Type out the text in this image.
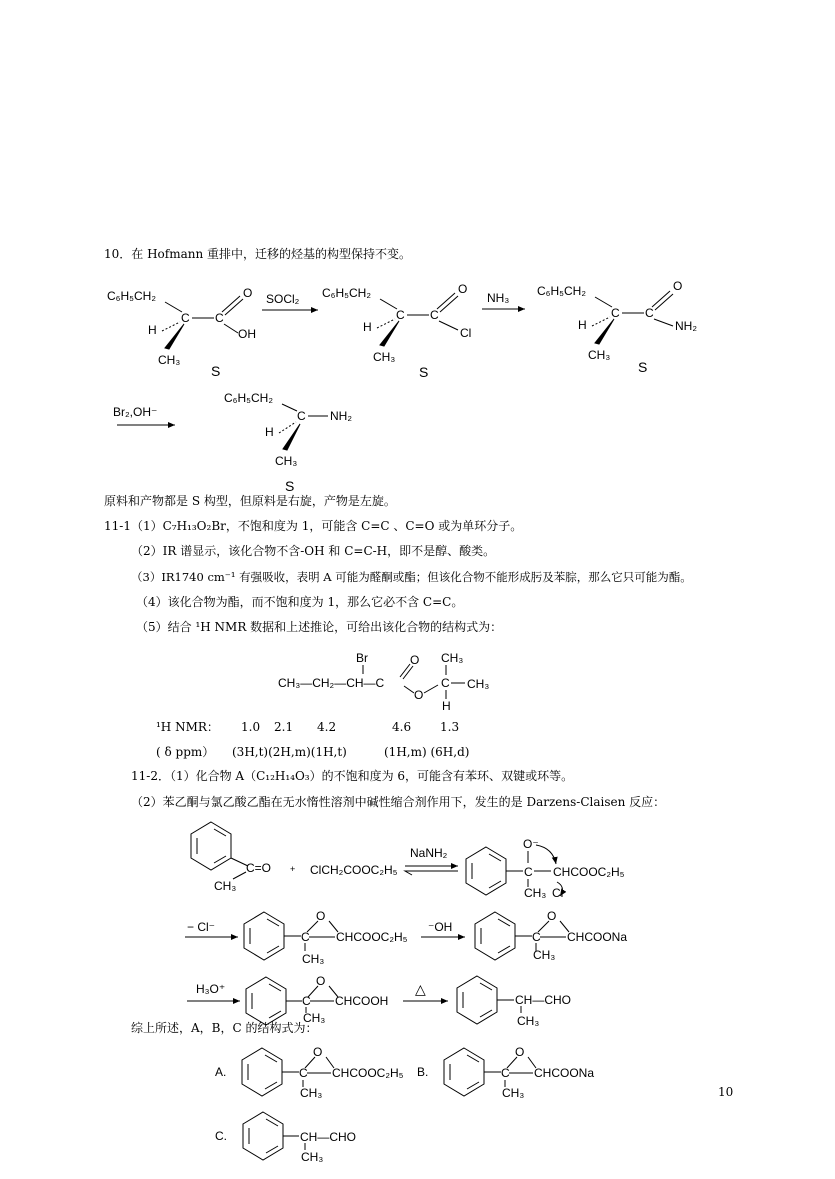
10．在 Hofmann 重排中，迁移的烃基的构型保持不变。
原料和产物都是 S 构型，但原料是右旋，产物是左旋。
11-1（1）C₇H₁₃O₂Br，不饱和度为 1，可能含 C=C 、C=O 或为单环分子。
（2）IR 谱显示，该化合物不含-OH 和 C=C-H，即不是醇、酸类。
（3）IR1740 cm⁻¹ 有强吸收，表明 A 可能为醛酮或酯；但该化合物不能形成肟及苯腙，那么它只可能为酯。
（4）该化合物为酯，而不饱和度为 1，那么它必不含 C=C。
（5）结合 ¹H NMR 数据和上述推论，可给出该化合物的结构式为：
¹H NMR： 1.0 2.1 4.2	4.6 1.3
( δ ppm） (3H,t)(2H,m)(1H,t)	(1H,m) (6H,d)
11-2．（1）化合物 A（C₁₂H₁₄O₃）的不饱和度为 6，可能含有苯环、双键或环等。
（2）苯乙酮与氯乙酸乙酯在无水惰性溶剂中碱性缩合剂作用下，发生的是 Darzens-Claisen 反应：
综上所述，A，B，C 的结构式为：
10
C₆H₅CH₂
C C
O
OH
H
CH₃
S
SOCl₂ C₆H₅CH₂
C C
O
Cl
H
CH₃
S
NH₃ C₆H₅CH₂
C C
O
NH₂
H
CH₃
S
Br₂,OH⁻
C₆H₅CH₂
C NH₂
H
CH₃
S
Br
CH₃—CH₂—CH—C
O
O
CH₃
C CH₃
H
C=O
CH₃
+ ClCH₂COOC₂H₅
NaNH₂
O⁻
C CHCOOC₂H₅
CH₃ Cl
− Cl⁻
C
O
CHCOOC₂H₅
CH₃
⁻OH
C
O
CHCOONa
CH₃
H₃O⁺
C
O
CHCOOH
CH₃
△
CH—CHO
CH₃
A.	C
O
CHCOOC₂H₅
CH₃
B.	C
O
CHCOONa
CH₃
C.	CH—CHO
CH₃
